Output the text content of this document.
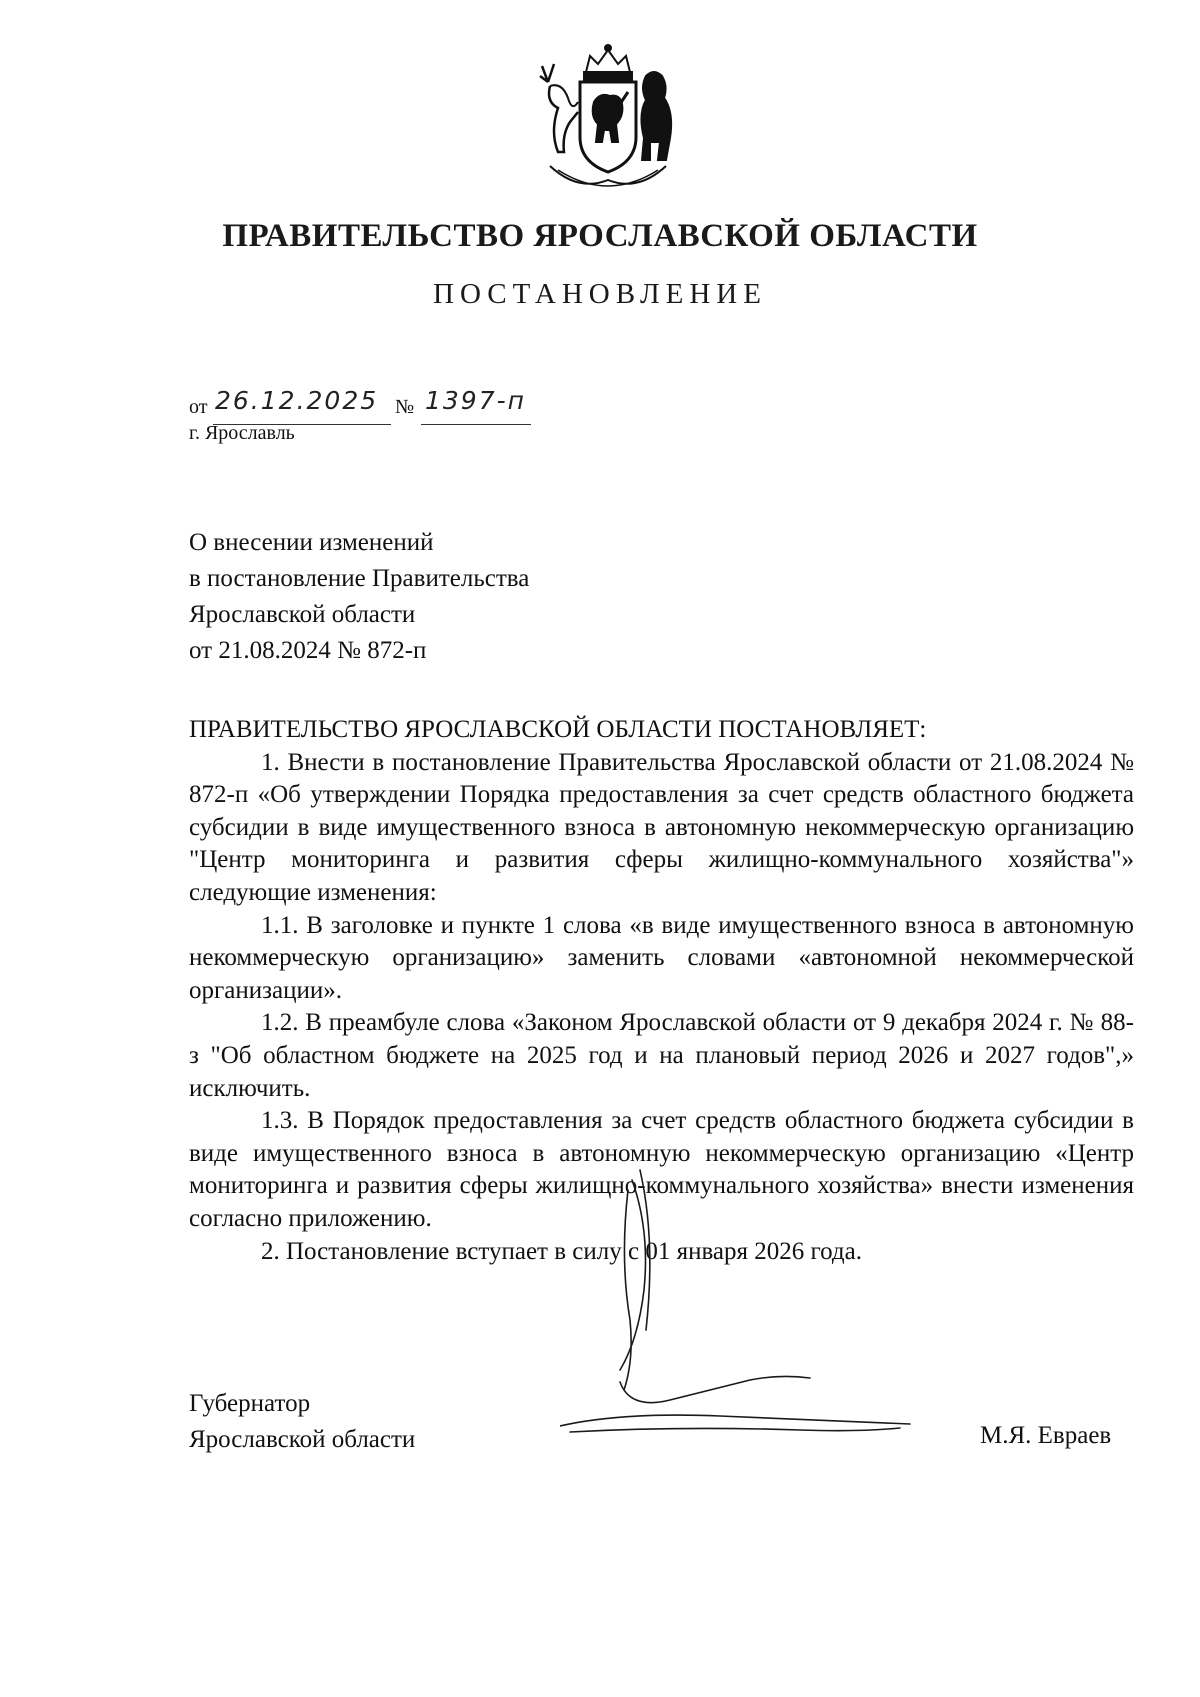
ПРАВИТЕЛЬСТВО ЯРОСЛАВСКОЙ ОБЛАСТИ
ПОСТАНОВЛЕНИЕ
от 26.12.2025 № 1397-п
г. Ярославль
О внесении изменений
в постановление Правительства
Ярославской области
от 21.08.2024 № 872-п

ПРАВИТЕЛЬСТВО ЯРОСЛАВСКОЙ ОБЛАСТИ ПОСТАНОВЛЯЕТ:

1. Внести в постановление Правительства Ярославской области от 21.08.2024 № 872-п «Об утверждении Порядка предоставления за счет средств областного бюджета субсидии в виде имущественного взноса в автономную некоммерческую организацию "Центр мониторинга и развития сферы жилищно-коммунального хозяйства"» следующие изменения:

1.1. В заголовке и пункте 1 слова «в виде имущественного взноса в автономную некоммерческую организацию» заменить словами «автономной некоммерческой организации».

1.2. В преамбуле слова «Законом Ярославской области от 9 декабря 2024 г. № 88-з "Об областном бюджете на 2025 год и на плановый период 2026 и 2027 годов",» исключить.

1.3. В Порядок предоставления за счет средств областного бюджета субсидии в виде имущественного взноса в автономную некоммерческую организацию «Центр мониторинга и развития сферы жилищно-коммунального хозяйства» внести изменения согласно приложению.

2. Постановление вступает в силу с 01 января 2026 года.

Губернатор
Ярославской области	М.Я. Евраев
